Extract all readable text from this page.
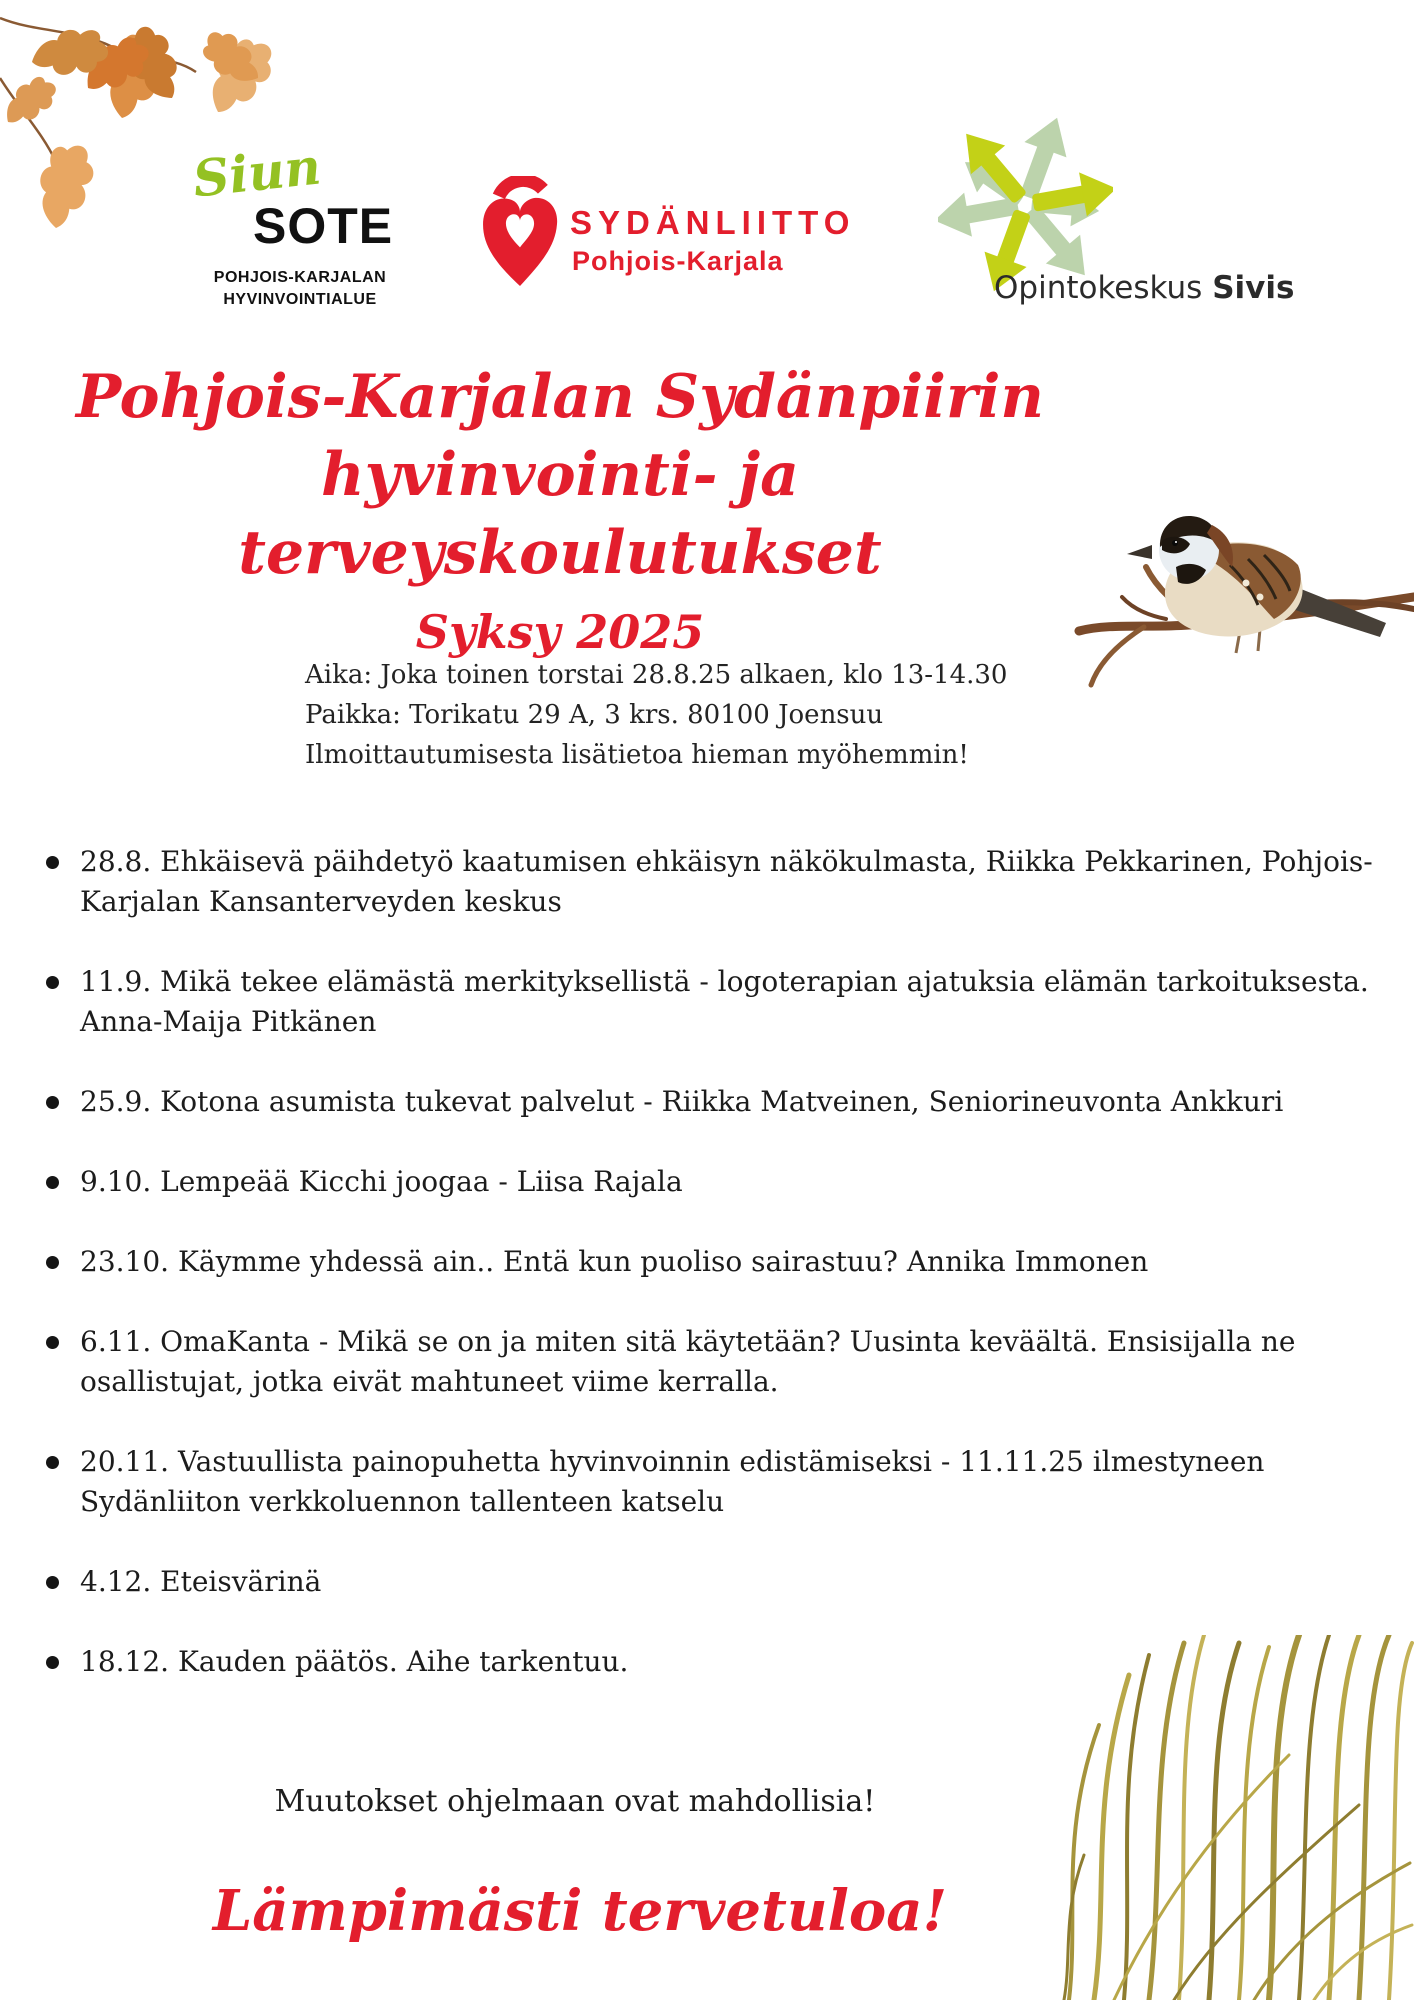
Siun
SOTE
POHJOIS-KARJALAN
HYVINVOINTIALUE
SYDÄNLIITTO
Pohjois-Karjala
Opintokeskus Sivis
Pohjois-Karjalan Sydänpiirin
hyvinvointi- ja terveyskoulutukset
Syksy 2025
Aika: Joka toinen torstai 28.8.25 alkaen, klo 13-14.30
Paikka: Torikatu 29 A, 3 krs. 80100 Joensuu
Ilmoittautumisesta lisätietoa hieman myöhemmin!
28.8. Ehkäisevä päihdetyö kaatumisen ehkäisyn näkökulmasta, Riikka Pekkarinen, Pohjois-Karjalan Kansanterveyden keskus
11.9. Mikä tekee elämästä merkityksellistä - logoterapian ajatuksia elämän tarkoituksesta. Anna-Maija Pitkänen
25.9. Kotona asumista tukevat palvelut - Riikka Matveinen, Seniorineuvonta Ankkuri
9.10. Lempeää Kicchi joogaa - Liisa Rajala
23.10. Käymme yhdessä ain.. Entä kun puoliso sairastuu? Annika Immonen
6.11. OmaKanta - Mikä se on ja miten sitä käytetään? Uusinta keväältä. Ensisijalla ne osallistujat, jotka eivät mahtuneet viime kerralla.
20.11. Vastuullista painopuhetta hyvinvoinnin edistämiseksi - 11.11.25 ilmestyneen Sydänliiton verkkoluennon tallenteen katselu
4.12. Eteisvärinä
18.12. Kauden päätös. Aihe tarkentuu.
Muutokset ohjelmaan ovat mahdollisia!
Lämpimästi tervetuloa!
